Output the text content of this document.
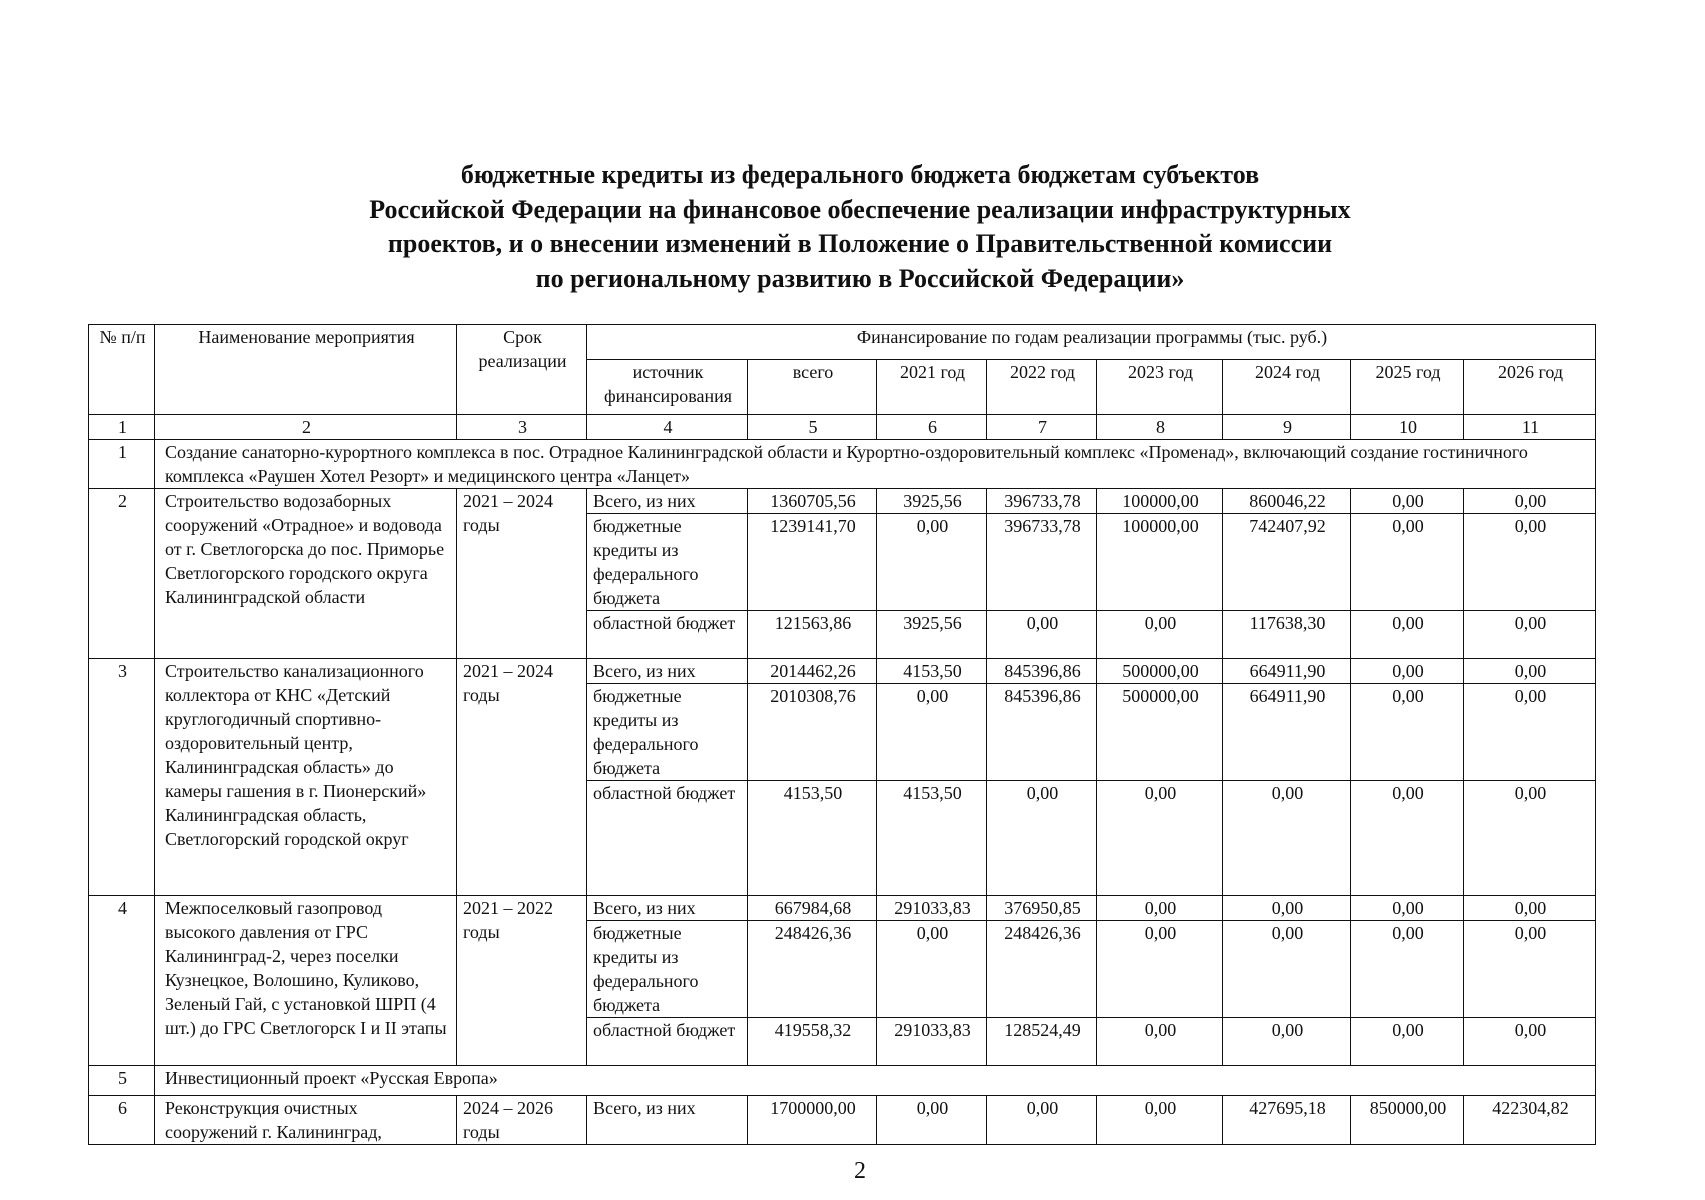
бюджетные кредиты из федерального бюджета бюджетам субъектов
Российской Федерации на финансовое обеспечение реализации инфраструктурных
проектов, и о внесении изменений в Положение о Правительственной комиссии
по региональному развитию в Российской Федерации»
№ п/п	Наименование мероприятия	Срок реализации	Финансирование по годам реализации программы (тыс. руб.)							
			источник финансирования	всего	2021 год	2022 год	2023 год	2024 год	2025 год	2026 год
1	2	3	4	5	6	7	8	9	10	11
1	Создание санаторно-курортного комплекса в пос. Отрадное Калининградской области и Курортно-оздоровительный комплекс «Променад», включающий создание гостиничного комплекса «Раушен Хотел Резорт» и медицинского центра «Ланцет»									
2	Строительство водозаборных сооружений «Отрадное» и водовода от г. Светлогорска до пос. Приморье Светлогорского городского округа Калининградской области	2021 – 2024 годы	Всего, из них	1360705,56	3925,56	396733,78	100000,00	860046,22	0,00	0,00
			бюджетные кредиты из федерального бюджета	1239141,70	0,00	396733,78	100000,00	742407,92	0,00	0,00
			областной бюджет	121563,86	3925,56	0,00	0,00	117638,30	0,00	0,00
3	Строительство канализационного коллектора от КНС «Детский круглогодичный спортивно-оздоровительный центр, Калининградская область» до камеры гашения в г. Пионерский» Калининградская область, Светлогорский городской округ	2021 – 2024 годы	Всего, из них	2014462,26	4153,50	845396,86	500000,00	664911,90	0,00	0,00
			бюджетные кредиты из федерального бюджета	2010308,76	0,00	845396,86	500000,00	664911,90	0,00	0,00
			областной бюджет	4153,50	4153,50	0,00	0,00	0,00	0,00	0,00
4	Межпоселковый газопровод высокого давления от ГРС Калининград-2, через поселки Кузнецкое, Волошино, Куликово, Зеленый Гай, с установкой ШРП (4 шт.) до ГРС Светлогорск I и II этапы	2021 – 2022 годы	Всего, из них	667984,68	291033,83	376950,85	0,00	0,00	0,00	0,00
			бюджетные кредиты из федерального бюджета	248426,36	0,00	248426,36	0,00	0,00	0,00	0,00
			областной бюджет	419558,32	291033,83	128524,49	0,00	0,00	0,00	0,00
5	Инвестиционный проект «Русская Европа»									
6	Реконструкция очистных сооружений г. Калининград,	2024 – 2026 годы	Всего, из них	1700000,00	0,00	0,00	0,00	427695,18	850000,00	422304,82
2
